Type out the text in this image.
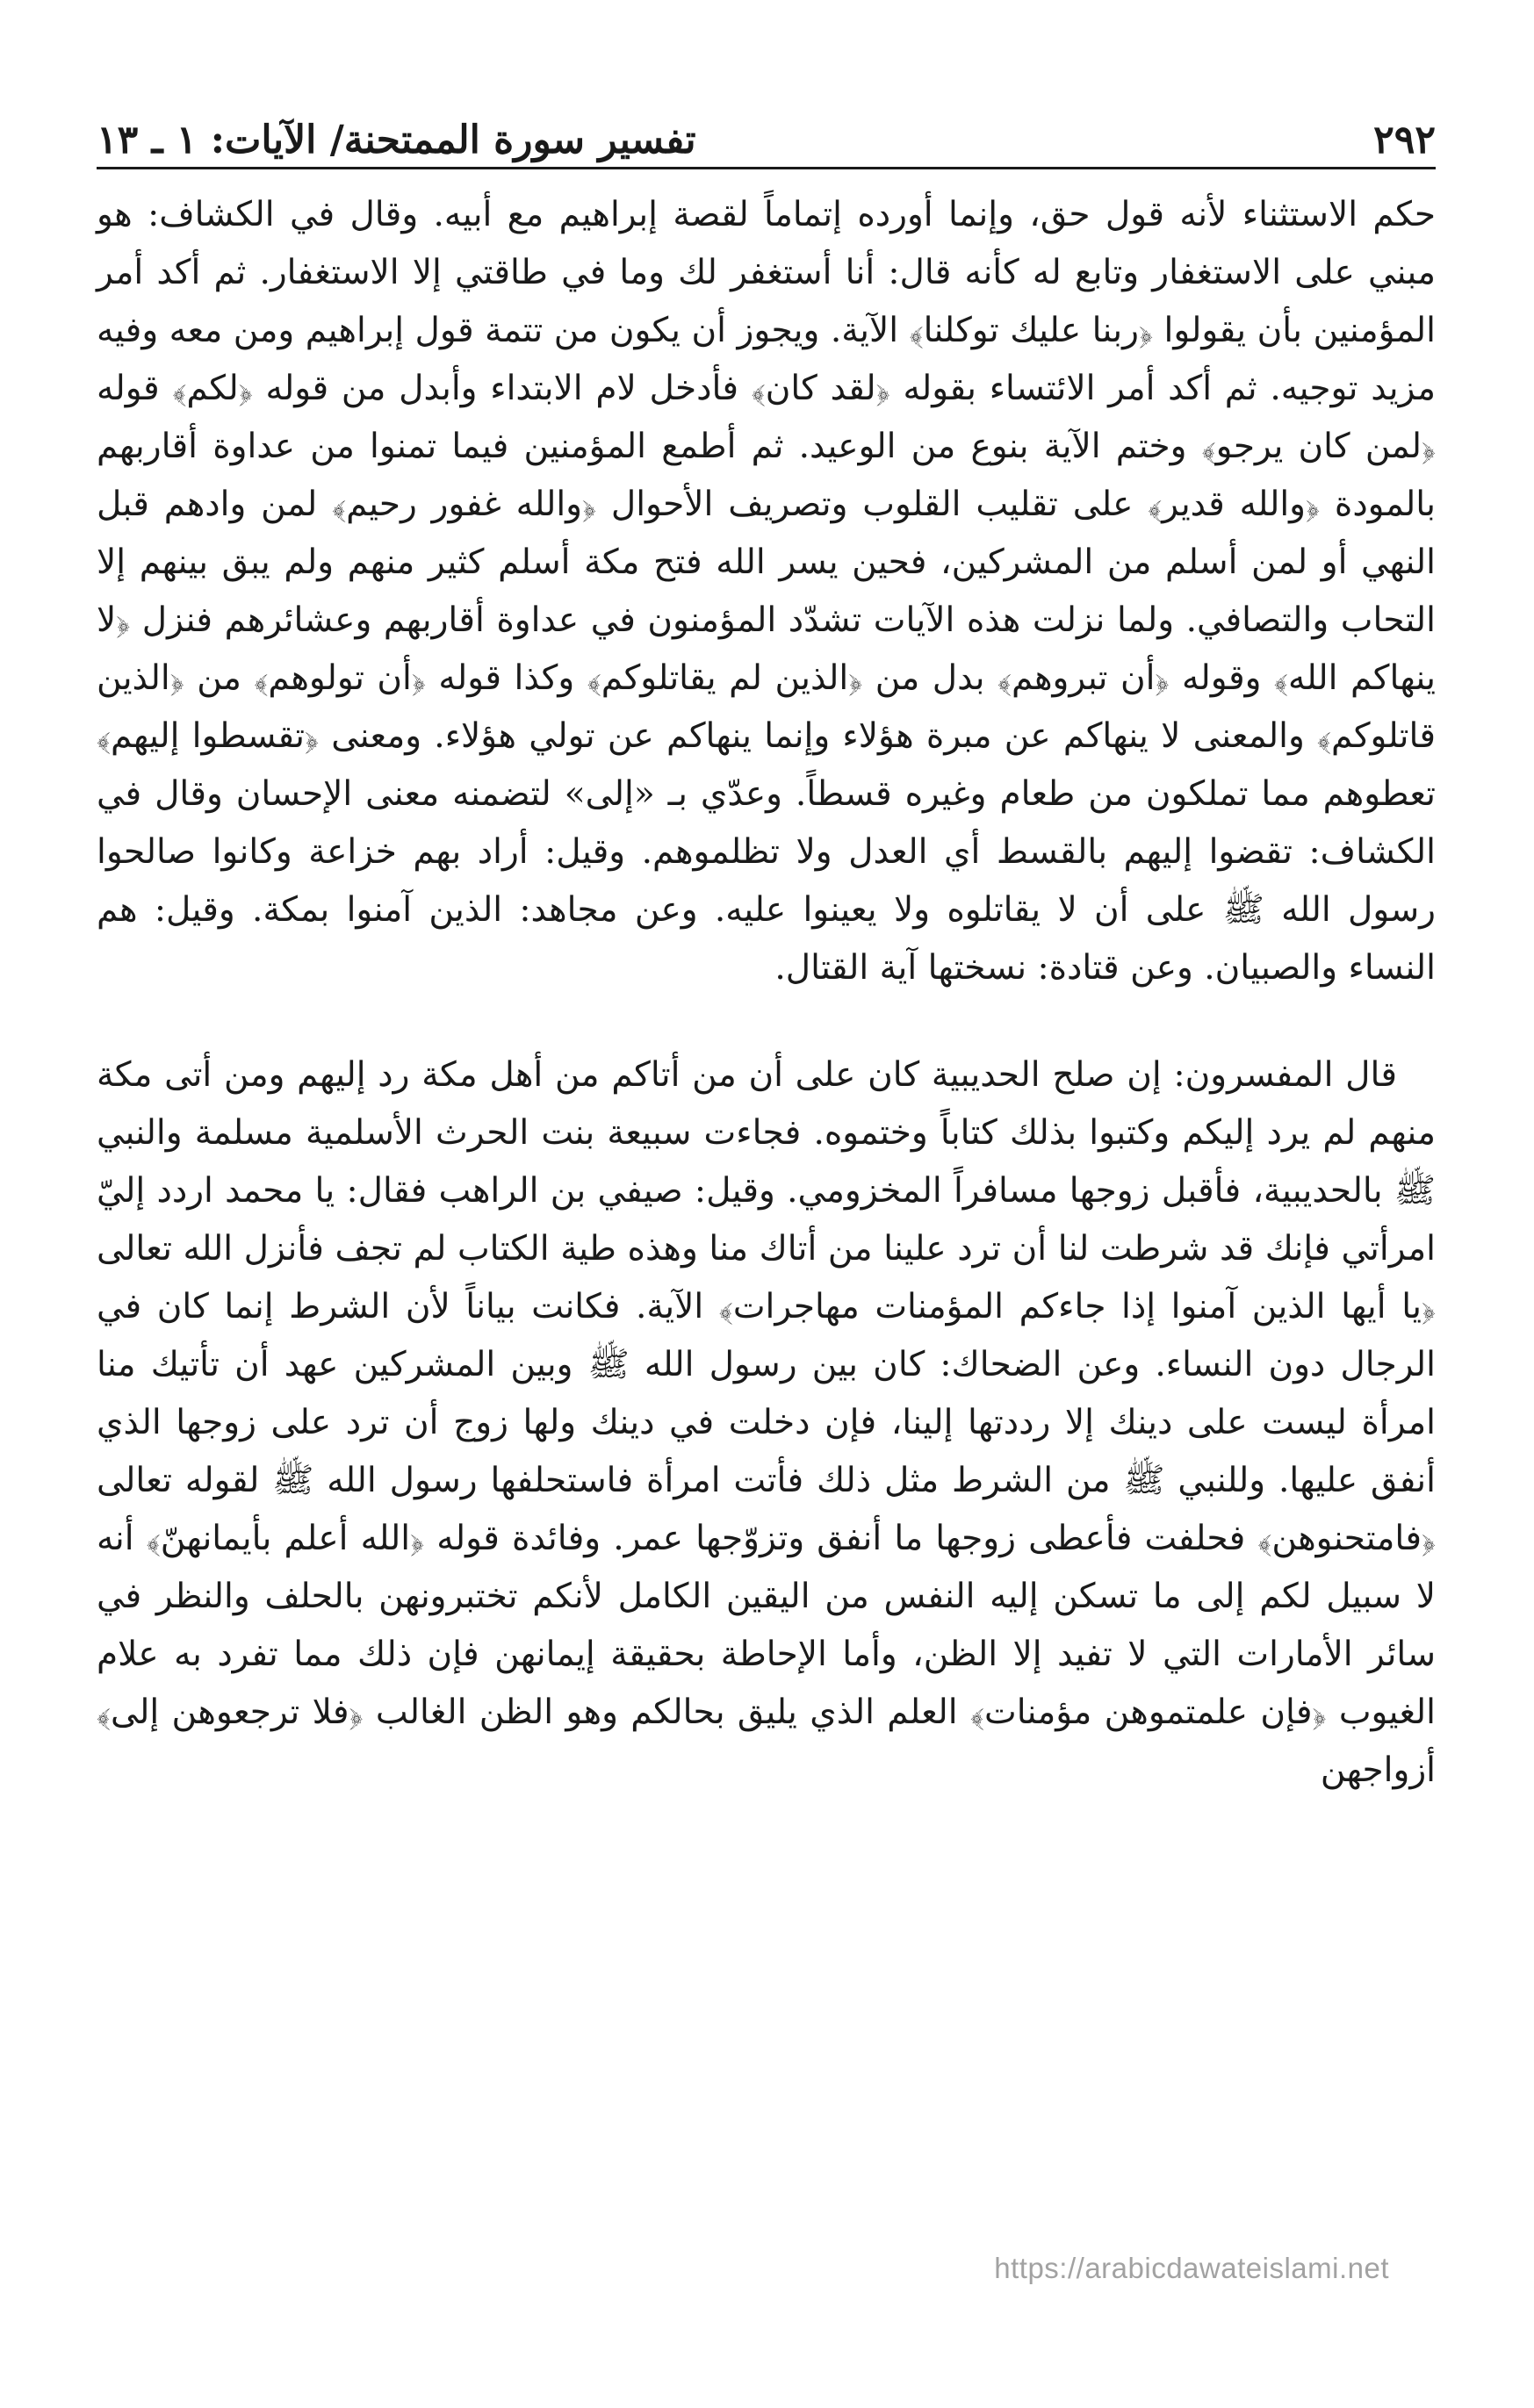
٢٩٢
تفسير سورة الممتحنة/ الآيات: ١ ـ ١٣

حكم الاستثناء لأنه قول حق، وإنما أورده إتماماً لقصة إبراهيم مع أبيه. وقال في الكشاف: هو مبني على الاستغفار وتابع له كأنه قال: أنا أستغفر لك وما في طاقتي إلا الاستغفار. ثم أكد أمر المؤمنين بأن يقولوا ﴿ربنا عليك توكلنا﴾ الآية. ويجوز أن يكون من تتمة قول إبراهيم ومن معه وفيه مزيد توجيه. ثم أكد أمر الائتساء بقوله ﴿لقد كان﴾ فأدخل لام الابتداء وأبدل من قوله ﴿لكم﴾ قوله ﴿لمن كان يرجو﴾ وختم الآية بنوع من الوعيد. ثم أطمع المؤمنين فيما تمنوا من عداوة أقاربهم بالمودة ﴿والله قدير﴾ على تقليب القلوب وتصريف الأحوال ﴿والله غفور رحيم﴾ لمن وادهم قبل النهي أو لمن أسلم من المشركين، فحين يسر الله فتح مكة أسلم كثير منهم ولم يبق بينهم إلا التحاب والتصافي. ولما نزلت هذه الآيات تشدّد المؤمنون في عداوة أقاربهم وعشائرهم فنزل ﴿لا ينهاكم الله﴾ وقوله ﴿أن تبروهم﴾ بدل من ﴿الذين لم يقاتلوكم﴾ وكذا قوله ﴿أن تولوهم﴾ من ﴿الذين قاتلوكم﴾ والمعنى لا ينهاكم عن مبرة هؤلاء وإنما ينهاكم عن تولي هؤلاء. ومعنى ﴿تقسطوا إليهم﴾ تعطوهم مما تملكون من طعام وغيره قسطاً. وعدّي بـ «إلى» لتضمنه معنى الإحسان وقال في الكشاف: تقضوا إليهم بالقسط أي العدل ولا تظلموهم. وقيل: أراد بهم خزاعة وكانوا صالحوا رسول الله ﷺ على أن لا يقاتلوه ولا يعينوا عليه. وعن مجاهد: الذين آمنوا بمكة. وقيل: هم النساء والصبيان. وعن قتادة: نسختها آية القتال.

قال المفسرون: إن صلح الحديبية كان على أن من أتاكم من أهل مكة رد إليهم ومن أتى مكة منهم لم يرد إليكم وكتبوا بذلك كتاباً وختموه. فجاءت سبيعة بنت الحرث الأسلمية مسلمة والنبي ﷺ بالحديبية، فأقبل زوجها مسافراً المخزومي. وقيل: صيفي بن الراهب فقال: يا محمد اردد إليّ امرأتي فإنك قد شرطت لنا أن ترد علينا من أتاك منا وهذه طية الكتاب لم تجف فأنزل الله تعالى ﴿يا أيها الذين آمنوا إذا جاءكم المؤمنات مهاجرات﴾ الآية. فكانت بياناً لأن الشرط إنما كان في الرجال دون النساء. وعن الضحاك: كان بين رسول الله ﷺ وبين المشركين عهد أن تأتيك منا امرأة ليست على دينك إلا رددتها إلينا، فإن دخلت في دينك ولها زوج أن ترد على زوجها الذي أنفق عليها. وللنبي ﷺ من الشرط مثل ذلك فأتت امرأة فاستحلفها رسول الله ﷺ لقوله تعالى ﴿فامتحنوهن﴾ فحلفت فأعطى زوجها ما أنفق وتزوّجها عمر. وفائدة قوله ﴿الله أعلم بأيمانهنّ﴾ أنه لا سبيل لكم إلى ما تسكن إليه النفس من اليقين الكامل لأنكم تختبرونهن بالحلف والنظر في سائر الأمارات التي لا تفيد إلا الظن، وأما الإحاطة بحقيقة إيمانهن فإن ذلك مما تفرد به علام الغيوب ﴿فإن علمتموهن مؤمنات﴾ العلم الذي يليق بحالكم وهو الظن الغالب ﴿فلا ترجعوهن إلى﴾ أزواجهن

https://arabicdawateislami.net
